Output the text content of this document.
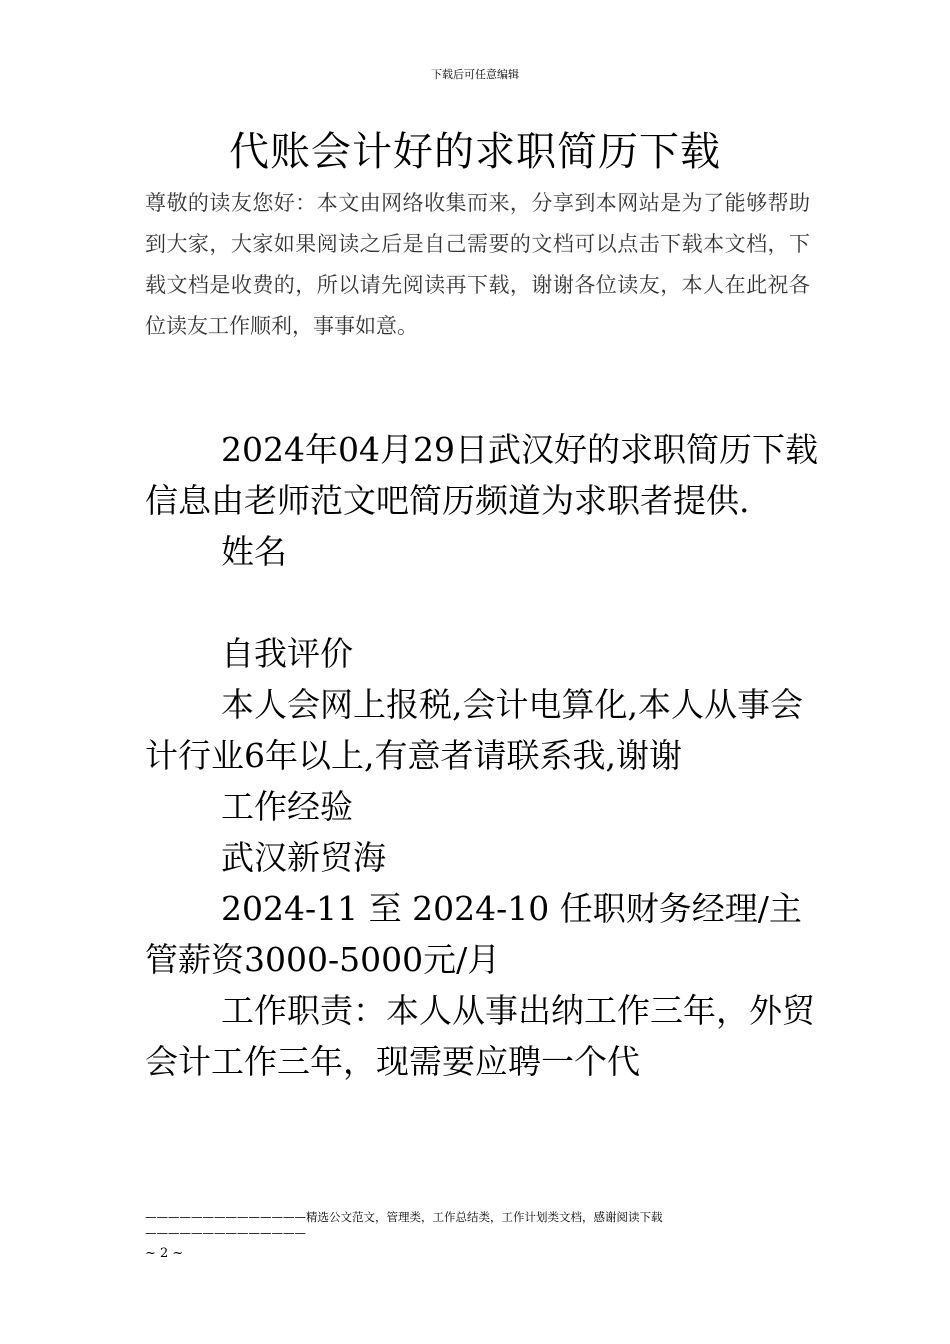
下载后可任意编辑
代账会计好的求职简历下载
尊敬的读友您好：本文由网络收集而来，分享到本网站是为了能够帮助到大家，大家如果阅读之后是自己需要的文档可以点击下载本文档，下载文档是收费的，所以请先阅读再下载，谢谢各位读友，本人在此祝各位读友工作顺利，事事如意。

2024年04月29日武汉好的求职简历下载信息由老师范文吧简历频道为求职者提供.

姓名

自我评价

本人会网上报税,会计电算化,本人从事会计行业6年以上,有意者请联系我,谢谢

工作经验

武汉新贸海

2024-11 至 2024-10 任职财务经理/主管薪资3000-5000元/月

工作职责：本人从事出纳工作三年，外贸会计工作三年，现需要应聘一个代

——————————————精选公文范文，管理类，工作总结类，工作计划类文档，感谢阅读下载——————————————
~ 2 ~
